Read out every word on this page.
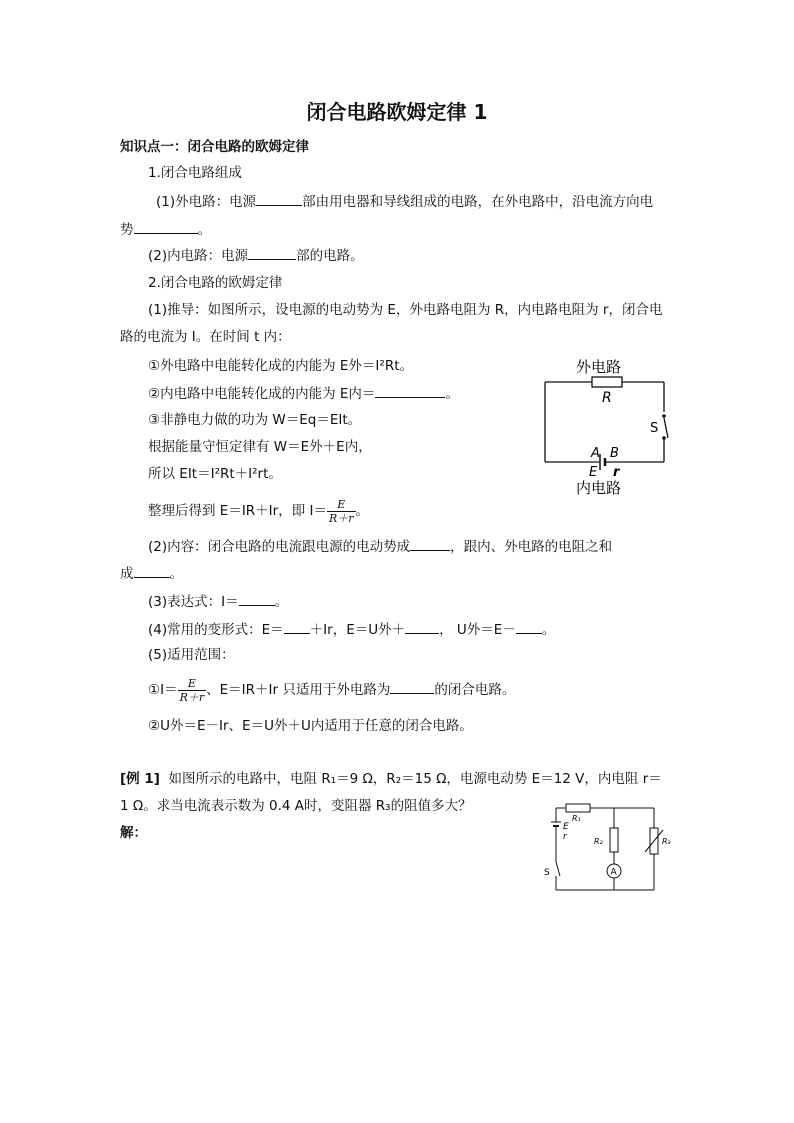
闭合电路欧姆定律 1
知识点一：闭合电路的欧姆定律
1.闭合电路组成
(1)外电路：电源	部由用电器和导线组成的电路，在外电路中，沿电流方向电
势	。
(2)内电路：电源	部的电路。
2.闭合电路的欧姆定律
(1)推导：如图所示，设电源的电动势为 E，外电路电阻为 R，内电路电阻为 r，闭合电
路的电流为 I。在时间 t 内：
①外电路中电能转化成的内能为 E外＝I²Rt。
②内电路中电能转化成的内能为 E内＝	。
③非静电力做的功为 W＝Eq＝EIt。
根据能量守恒定律有 W＝E外＋E内，
所以 EIt＝I²Rt＋I²rt。
整理后得到 E＝IR＋Ir，即 $I= \frac{E}{R+r}$ 。
(2)内容：闭合电路的电流跟电源的电动势成	，跟内、外电路的电阻之和
成	。
(3)表达式：I＝	。
(4)常用的变形式：E＝ ＋Ir，E＝U外＋	， U外＝E－ 。
(5)适用范围：
①I＝ $\frac{E}{R+r}$ 、E＝IR＋Ir 只适用于外电路为	的闭合电路。
②U外＝E－Ir、E＝U外＋U内适用于任意的闭合电路。
[例 1] 如图所示的电路中，电阻 R₁＝9 Ω，R₂＝15 Ω，电源电动势 E＝12 V，内电阻 r＝
1 Ω。求当电流表示数为 0.4 A时，变阻器 R₃的阻值多大？
解：
外电路
R
S
A B
E r
内电路
R₁
E
r
S
R₂
A
R₃
